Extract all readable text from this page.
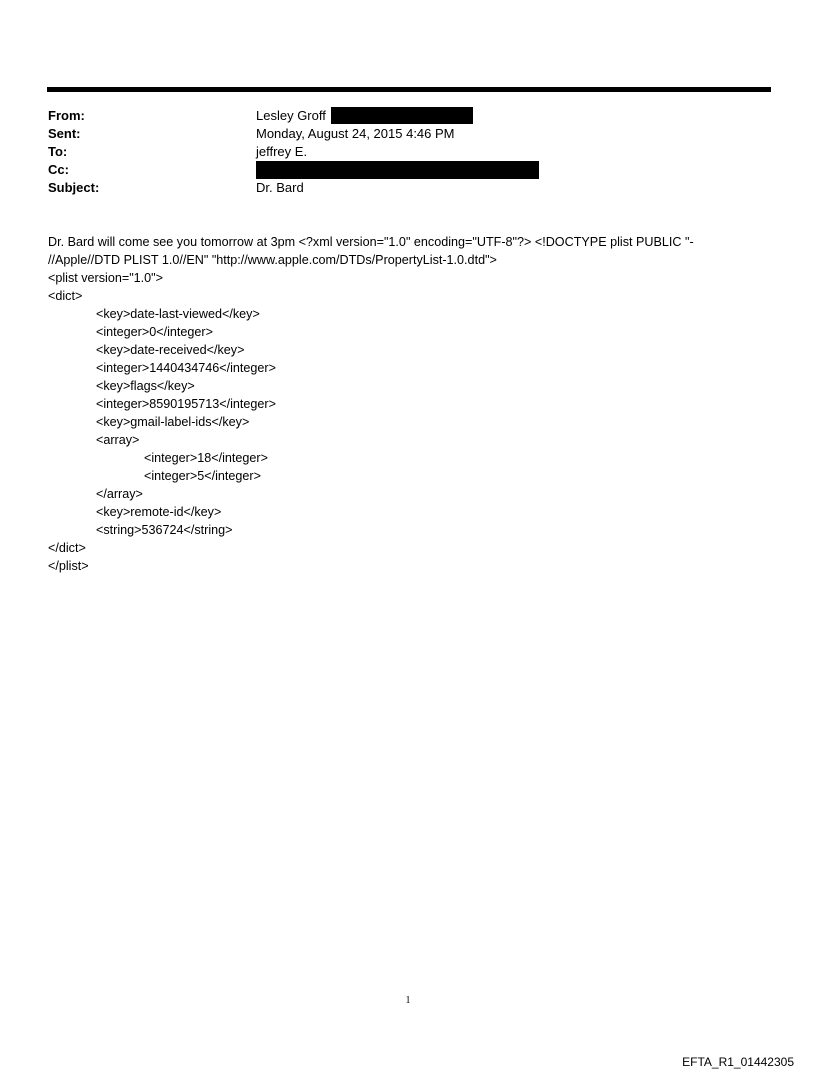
From:	Lesley Groff
Sent:	Monday, August 24, 2015 4:46 PM
To:	jeffrey E.
Cc:
Subject:	Dr. Bard
Dr. Bard will come see you tomorrow at 3pm <?xml version="1.0" encoding="UTF-8"?> <!DOCTYPE plist PUBLIC "-
//Apple//DTD PLIST 1.0//EN" "http://www.apple.com/DTDs/PropertyList-1.0.dtd">
<plist version="1.0">
<dict>
<key>date-last-viewed</key>
<integer>0</integer>
<key>date-received</key>
<integer>1440434746</integer>
<key>flags</key>
<integer>8590195713</integer>
<key>gmail-label-ids</key>
<array>
<integer>18</integer>
<integer>5</integer>
</array>
<key>remote-id</key>
<string>536724</string>
</dict>
</plist>
1
EFTA_R1_01442305
